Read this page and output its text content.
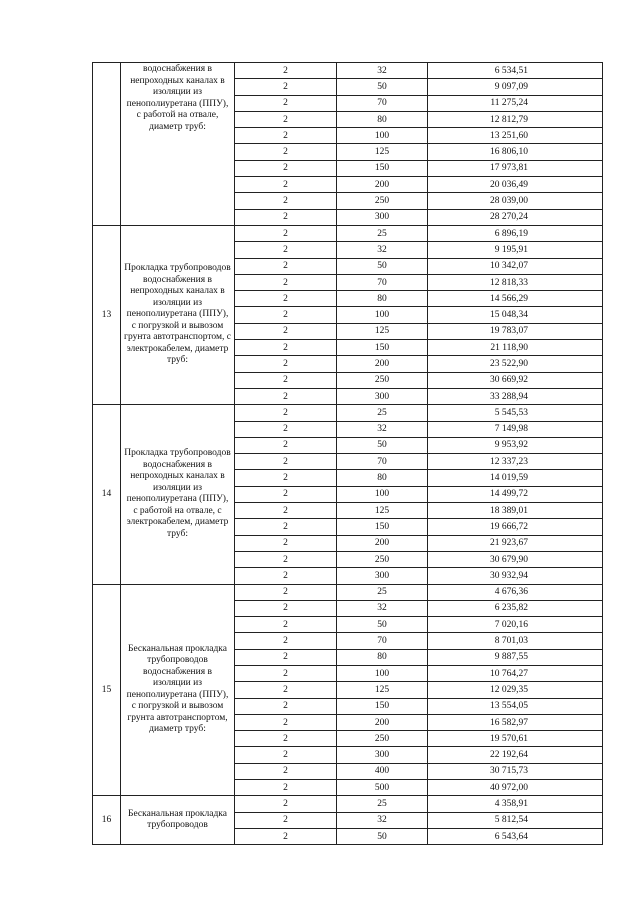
	водоснабжения в непроходных каналах в изоляции из пенополиуретана (ППУ), с работой на отвале, диаметр труб:	2	32	6 534,51
		2	50	9 097,09
		2	70	11 275,24
		2	80	12 812,79
		2	100	13 251,60
		2	125	16 806,10
		2	150	17 973,81
		2	200	20 036,49
		2	250	28 039,00
		2	300	28 270,24
13	Прокладка трубопроводов водоснабжения в непроходных каналах в изоляции из пенополиуретана (ППУ), с погрузкой и вывозом грунта автотранспортом, с электрокабелем, диаметр труб:	2	25	6 896,19
		2	32	9 195,91
		2	50	10 342,07
		2	70	12 818,33
		2	80	14 566,29
		2	100	15 048,34
		2	125	19 783,07
		2	150	21 118,90
		2	200	23 522,90
		2	250	30 669,92
		2	300	33 288,94
14	Прокладка трубопроводов водоснабжения в непроходных каналах в изоляции из пенополиуретана (ППУ), с работой на отвале, с электрокабелем, диаметр труб:	2	25	5 545,53
		2	32	7 149,98
		2	50	9 953,92
		2	70	12 337,23
		2	80	14 019,59
		2	100	14 499,72
		2	125	18 389,01
		2	150	19 666,72
		2	200	21 923,67
		2	250	30 679,90
		2	300	30 932,94
15	Бесканальная прокладка трубопроводов водоснабжения в изоляции из пенополиуретана (ППУ), с погрузкой и вывозом грунта автотранспортом, диаметр труб:	2	25	4 676,36
		2	32	6 235,82
		2	50	7 020,16
		2	70	8 701,03
		2	80	9 887,55
		2	100	10 764,27
		2	125	12 029,35
		2	150	13 554,05
		2	200	16 582,97
		2	250	19 570,61
		2	300	22 192,64
		2	400	30 715,73
		2	500	40 972,00
16	Бесканальная прокладка трубопроводов	2	25	4 358,91
		2	32	5 812,54
		2	50	6 543,64
